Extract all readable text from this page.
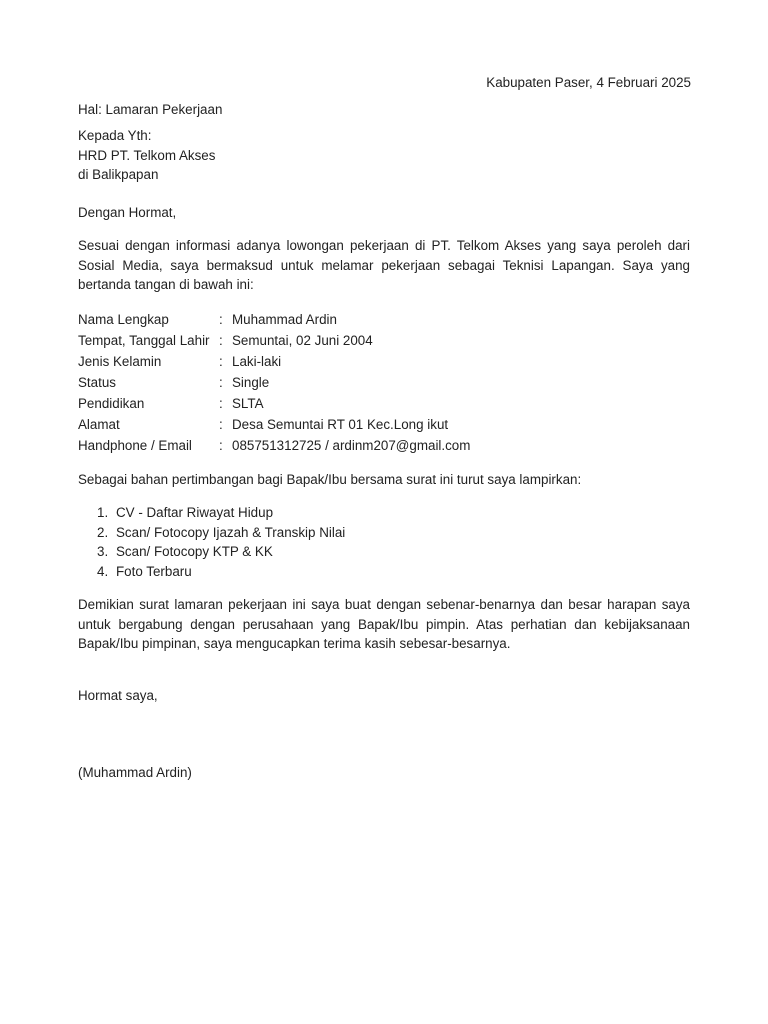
Kabupaten Paser, 4 Februari 2025
Hal: Lamaran Pekerjaan
Kepada Yth:
HRD PT. Telkom Akses
di Balikpapan
Dengan Hormat,
Sesuai dengan informasi adanya lowongan pekerjaan di PT. Telkom Akses yang saya peroleh dari Sosial Media, saya bermaksud untuk melamar pekerjaan sebagai Teknisi Lapangan. Saya yang bertanda tangan di bawah ini:
Nama Lengkap	: Muhammad Ardin
Tempat, Tanggal Lahir : Semuntai, 02 Juni 2004
Jenis Kelamin	: Laki-laki
Status	: Single
Pendidikan	: SLTA
Alamat	: Desa Semuntai RT 01 Kec.Long ikut
Handphone / Email	: 085751312725 / ardinm207@gmail.com
Sebagai bahan pertimbangan bagi Bapak/Ibu bersama surat ini turut saya lampirkan:
1. CV - Daftar Riwayat Hidup
2. Scan/ Fotocopy Ijazah & Transkip Nilai
3. Scan/ Fotocopy KTP & KK
4. Foto Terbaru
Demikian surat lamaran pekerjaan ini saya buat dengan sebenar-benarnya dan besar harapan saya untuk bergabung dengan perusahaan yang Bapak/Ibu pimpin. Atas perhatian dan kebijaksanaan Bapak/Ibu pimpinan, saya mengucapkan terima kasih sebesar-besarnya.
Hormat saya,
(Muhammad Ardin)
